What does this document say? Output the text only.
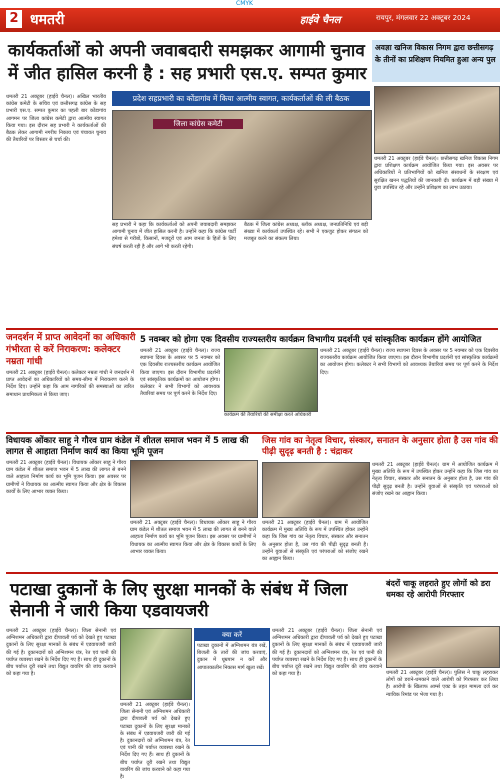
CMYK
2 धमतरी	हाईवे चैनल	रायपुर, मंगलवार 22 अक्टूबर 2024
कार्यकर्ताओं को अपनी जवाबदारी समझकर आगामी चुनाव में जीत हासिल करनी है : सह प्रभारी एस.ए. सम्पत कुमार
प्रदेश सहप्रभारी का कोंडागांव में किया आत्मीय स्वागत, कार्यकर्ताओं की ली बैठक
धमतरी 21 अक्टूबर (हाईवे चैनल)। अखिल भारतीय कांग्रेस कमेटी के सचिव एवं छत्तीसगढ़ कांग्रेस के सह प्रभारी एस.ए. सम्पत कुमार का पहली बार कोंडागांव आगमन पर जिला कांग्रेस कमेटी द्वारा आत्मीय स्वागत किया गया। इस दौरान सह प्रभारी ने कार्यकर्ताओं की बैठक लेकर आगामी नगरीय निकाय एवं पंचायत चुनाव की तैयारियों पर विस्तार से चर्चा की।
जिला कांग्रेस कमेटी
सह प्रभारी ने कहा कि कार्यकर्ताओं को अपनी जवाबदारी समझकर आगामी चुनाव में जीत हासिल करनी है। उन्होंने कहा कि कांग्रेस पार्टी हमेशा से गरीबों, किसानों, मजदूरों एवं आम जनता के हितों के लिए संघर्ष करती रही है और आगे भी करती रहेगी।
बैठक में जिला कांग्रेस अध्यक्ष, ब्लॉक अध्यक्ष, जनप्रतिनिधि एवं बड़ी संख्या में कार्यकर्ता उपस्थित रहे। सभी ने एकजुट होकर संगठन को मजबूत करने का संकल्प लिया।
अवज्ञा खनिज विकास निगम द्वारा छत्तीसगढ़ के तीनों का प्रशिक्षण नियमित हुआ अन्य पुल
धमतरी 21 अक्टूबर (हाईवे चैनल)। छत्तीसगढ़ खनिज विकास निगम द्वारा प्रशिक्षण कार्यक्रम आयोजित किया गया। इस अवसर पर अधिकारियों ने प्रतिभागियों को खनिज संसाधनों के संरक्षण एवं सुरक्षित खनन पद्धतियों की जानकारी दी। कार्यक्रम में बड़ी संख्या में युवा उपस्थित रहे और उन्होंने प्रशिक्षण का लाभ उठाया।
जनदर्शन में प्राप्त आवेदनों का अधिकारी गंभीरता से करें निराकरण: कलेक्टर नम्रता गांधी
धमतरी 21 अक्टूबर (हाईवे चैनल)। कलेक्टर नम्रता गांधी ने जनदर्शन में प्राप्त आवेदनों का अधिकारियों को समय-सीमा में निराकरण करने के निर्देश दिए। उन्होंने कहा कि आम नागरिकों की समस्याओं का त्वरित समाधान प्राथमिकता से किया जाए।
5 नवम्बर को होगा एक दिवसीय राज्यस्तरीय कार्यक्रम विभागीय प्रदर्शनी एवं सांस्कृतिक कार्यक्रम होंगे आयोजित
धमतरी 21 अक्टूबर (हाईवे चैनल)। राज्य स्थापना दिवस के अवसर पर 5 नवम्बर को एक दिवसीय राज्यस्तरीय कार्यक्रम आयोजित किया जाएगा। इस दौरान विभागीय प्रदर्शनी एवं सांस्कृतिक कार्यक्रमों का आयोजन होगा। कलेक्टर ने सभी विभागों को आवश्यक तैयारियां समय पर पूर्ण करने के निर्देश दिए।
कार्यक्रम की तैयारियों की समीक्षा करते अधिकारी
धमतरी 21 अक्टूबर (हाईवे चैनल)। राज्य स्थापना दिवस के अवसर पर 5 नवम्बर को एक दिवसीय राज्यस्तरीय कार्यक्रम आयोजित किया जाएगा। इस दौरान विभागीय प्रदर्शनी एवं सांस्कृतिक कार्यक्रमों का आयोजन होगा। कलेक्टर ने सभी विभागों को आवश्यक तैयारियां समय पर पूर्ण करने के निर्देश दिए।
विधायक ओंकार साहू ने गौरव ग्राम कंडेल में शीतल समाज भवन में 5 लाख की लागत से आहाता निर्माण कार्य का किया भूमि पूजन
धमतरी 21 अक्टूबर (हाईवे चैनल)। विधायक ओंकार साहू ने गौरव ग्राम कंडेल में शीतल समाज भवन में 5 लाख की लागत से बनने वाले आहाता निर्माण कार्य का भूमि पूजन किया। इस अवसर पर ग्रामीणों ने विधायक का आत्मीय स्वागत किया और क्षेत्र के विकास कार्यों के लिए आभार व्यक्त किया।
धमतरी 21 अक्टूबर (हाईवे चैनल)। विधायक ओंकार साहू ने गौरव ग्राम कंडेल में शीतल समाज भवन में 5 लाख की लागत से बनने वाले आहाता निर्माण कार्य का भूमि पूजन किया। इस अवसर पर ग्रामीणों ने विधायक का आत्मीय स्वागत किया और क्षेत्र के विकास कार्यों के लिए आभार व्यक्त किया।
जिस गांव का नेतृत्व विचार, संस्कार, सनातन के अनुसार होता है उस गांव की पीढ़ी सुदृढ़ बनती है : चंद्राकर
धमतरी 21 अक्टूबर (हाईवे चैनल)। ग्राम में आयोजित कार्यक्रम में मुख्य अतिथि के रूप में उपस्थित होकर उन्होंने कहा कि जिस गांव का नेतृत्व विचार, संस्कार और सनातन के अनुसार होता है, उस गांव की पीढ़ी सुदृढ़ बनती है। उन्होंने युवाओं से संस्कृति एवं परंपराओं को संजोए रखने का आह्वान किया।
धमतरी 21 अक्टूबर (हाईवे चैनल)। ग्राम में आयोजित कार्यक्रम में मुख्य अतिथि के रूप में उपस्थित होकर उन्होंने कहा कि जिस गांव का नेतृत्व विचार, संस्कार और सनातन के अनुसार होता है, उस गांव की पीढ़ी सुदृढ़ बनती है। उन्होंने युवाओं से संस्कृति एवं परंपराओं को संजोए रखने का आह्वान किया।
पटाखा दुकानों के लिए सुरक्षा मानकों के संबंध में जिला सेनानी ने जारी किया एडवायजरी
धमतरी 21 अक्टूबर (हाईवे चैनल)। जिला सेनानी एवं अग्निशमन अधिकारी द्वारा दीपावली पर्व को देखते हुए पटाखा दुकानों के लिए सुरक्षा मानकों के संबंध में एडवायजरी जारी की गई है। दुकानदारों को अग्निशमन यंत्र, रेत एवं पानी की पर्याप्त व्यवस्था रखने के निर्देश दिए गए हैं। साथ ही दुकानों के बीच पर्याप्त दूरी रखने तथा विद्युत वायरिंग की जांच करवाने को कहा गया है।
धमतरी 21 अक्टूबर (हाईवे चैनल)। जिला सेनानी एवं अग्निशमन अधिकारी द्वारा दीपावली पर्व को देखते हुए पटाखा दुकानों के लिए सुरक्षा मानकों के संबंध में एडवायजरी जारी की गई है। दुकानदारों को अग्निशमन यंत्र, रेत एवं पानी की पर्याप्त व्यवस्था रखने के निर्देश दिए गए हैं। साथ ही दुकानों के बीच पर्याप्त दूरी रखने तथा विद्युत वायरिंग की जांच करवाने को कहा गया है।
क्या करें
पटाखा दुकानों में अग्निशमन यंत्र रखें, बिजली के तारों की जांच करवाएं, दुकान में धूम्रपान न करें और आपातकालीन निकास मार्ग खुला रखें।
धमतरी 21 अक्टूबर (हाईवे चैनल)। जिला सेनानी एवं अग्निशमन अधिकारी द्वारा दीपावली पर्व को देखते हुए पटाखा दुकानों के लिए सुरक्षा मानकों के संबंध में एडवायजरी जारी की गई है। दुकानदारों को अग्निशमन यंत्र, रेत एवं पानी की पर्याप्त व्यवस्था रखने के निर्देश दिए गए हैं। साथ ही दुकानों के बीच पर्याप्त दूरी रखने तथा विद्युत वायरिंग की जांच करवाने को कहा गया है।
बंदरों चाकू लहराते हुए लोगों को डरा धमका रहे आरोपी गिरफ्तार
धमतरी 21 अक्टूबर (हाईवे चैनल)। पुलिस ने चाकू लहराकर लोगों को डराने-धमकाने वाले आरोपी को गिरफ्तार कर लिया है। आरोपी के खिलाफ आर्म्स एक्ट के तहत मामला दर्ज कर न्यायिक रिमांड पर भेजा गया है।
